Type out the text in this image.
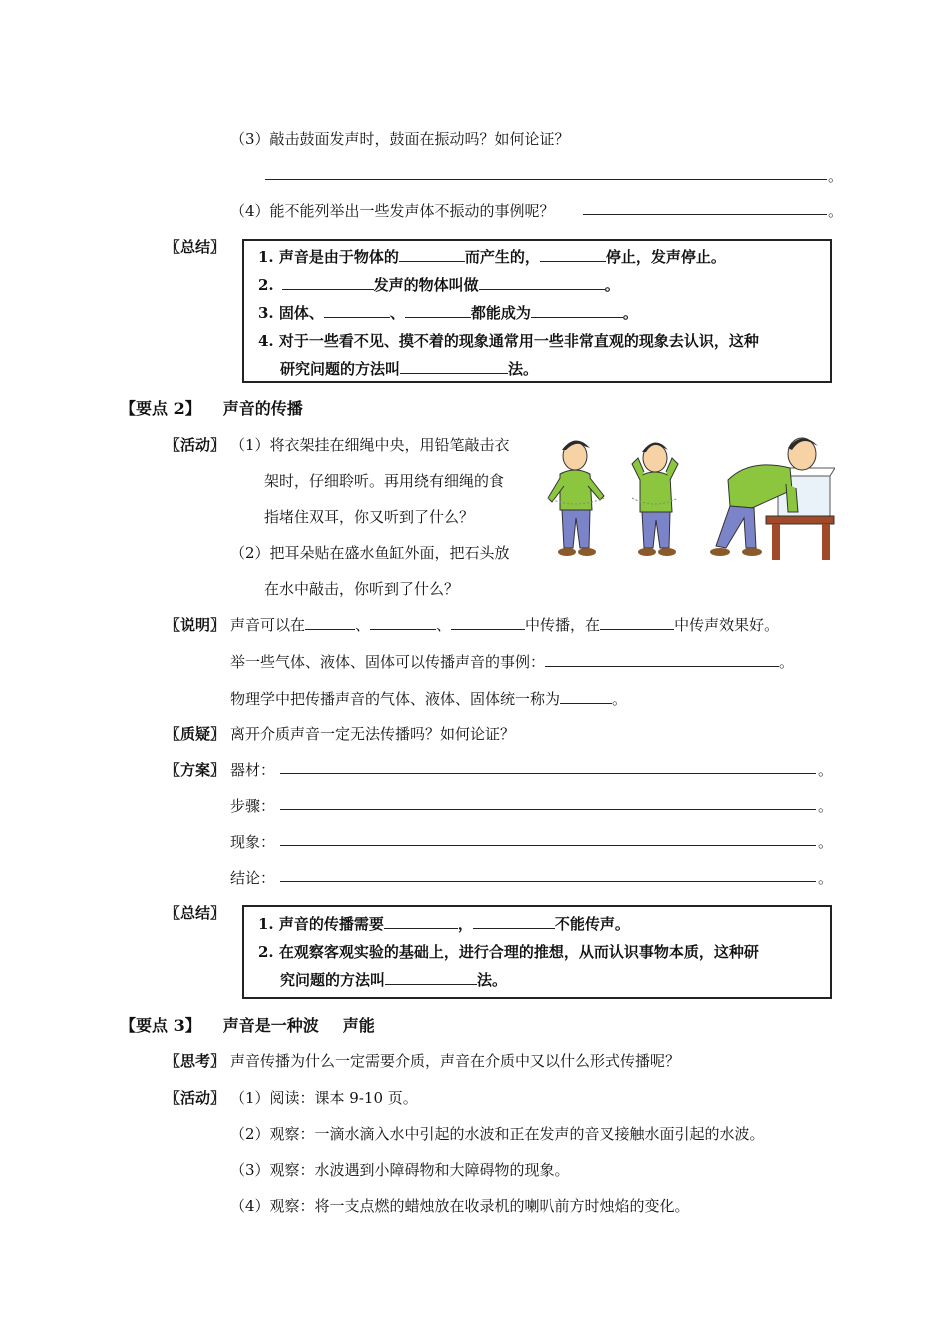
（3）敲击鼓面发声时，鼓面在振动吗？如何论证？
。
（4）能不能列举出一些发声体不振动的事例呢？	。
〖总结〗
1. 声音是由于物体的	而产生的，	停止，发声停止。
2.	发声的物体叫做	。
3. 固体、	、	都能成为	。
4. 对于一些看不见、摸不着的现象通常用一些非常直观的现象去认识，这种
研究问题的方法叫	法。
【要点 2】 声音的传播
〖活动〗 （1）将衣架挂在细绳中央，用铅笔敲击衣
架时，仔细聆听。再用绕有细绳的食
指堵住双耳，你又听到了什么？
（2）把耳朵贴在盛水鱼缸外面，把石头放
在水中敲击，你听到了什么？
〖说明〗 声音可以在	、	、	中传播，在	中传声效果好。
举一些气体、液体、固体可以传播声音的事例：	。
物理学中把传播声音的气体、液体、固体统一称为	。
〖质疑〗 离开介质声音一定无法传播吗？如何论证？
〖方案〗 器材：	。
步骤：	。
现象：	。
结论：	。
〖总结〗
1. 声音的传播需要	，	不能传声。
2. 在观察客观实验的基础上，进行合理的推想，从而认识事物本质，这种研
究问题的方法叫	法。
【要点 3】 声音是一种波 声能
〖思考〗 声音传播为什么一定需要介质，声音在介质中又以什么形式传播呢？
〖活动〗 （1）阅读：课本 9-10 页。
（2）观察：一滴水滴入水中引起的水波和正在发声的音叉接触水面引起的水波。
（3）观察：水波遇到小障碍物和大障碍物的现象。
（4）观察：将一支点燃的蜡烛放在收录机的喇叭前方时烛焰的变化。
